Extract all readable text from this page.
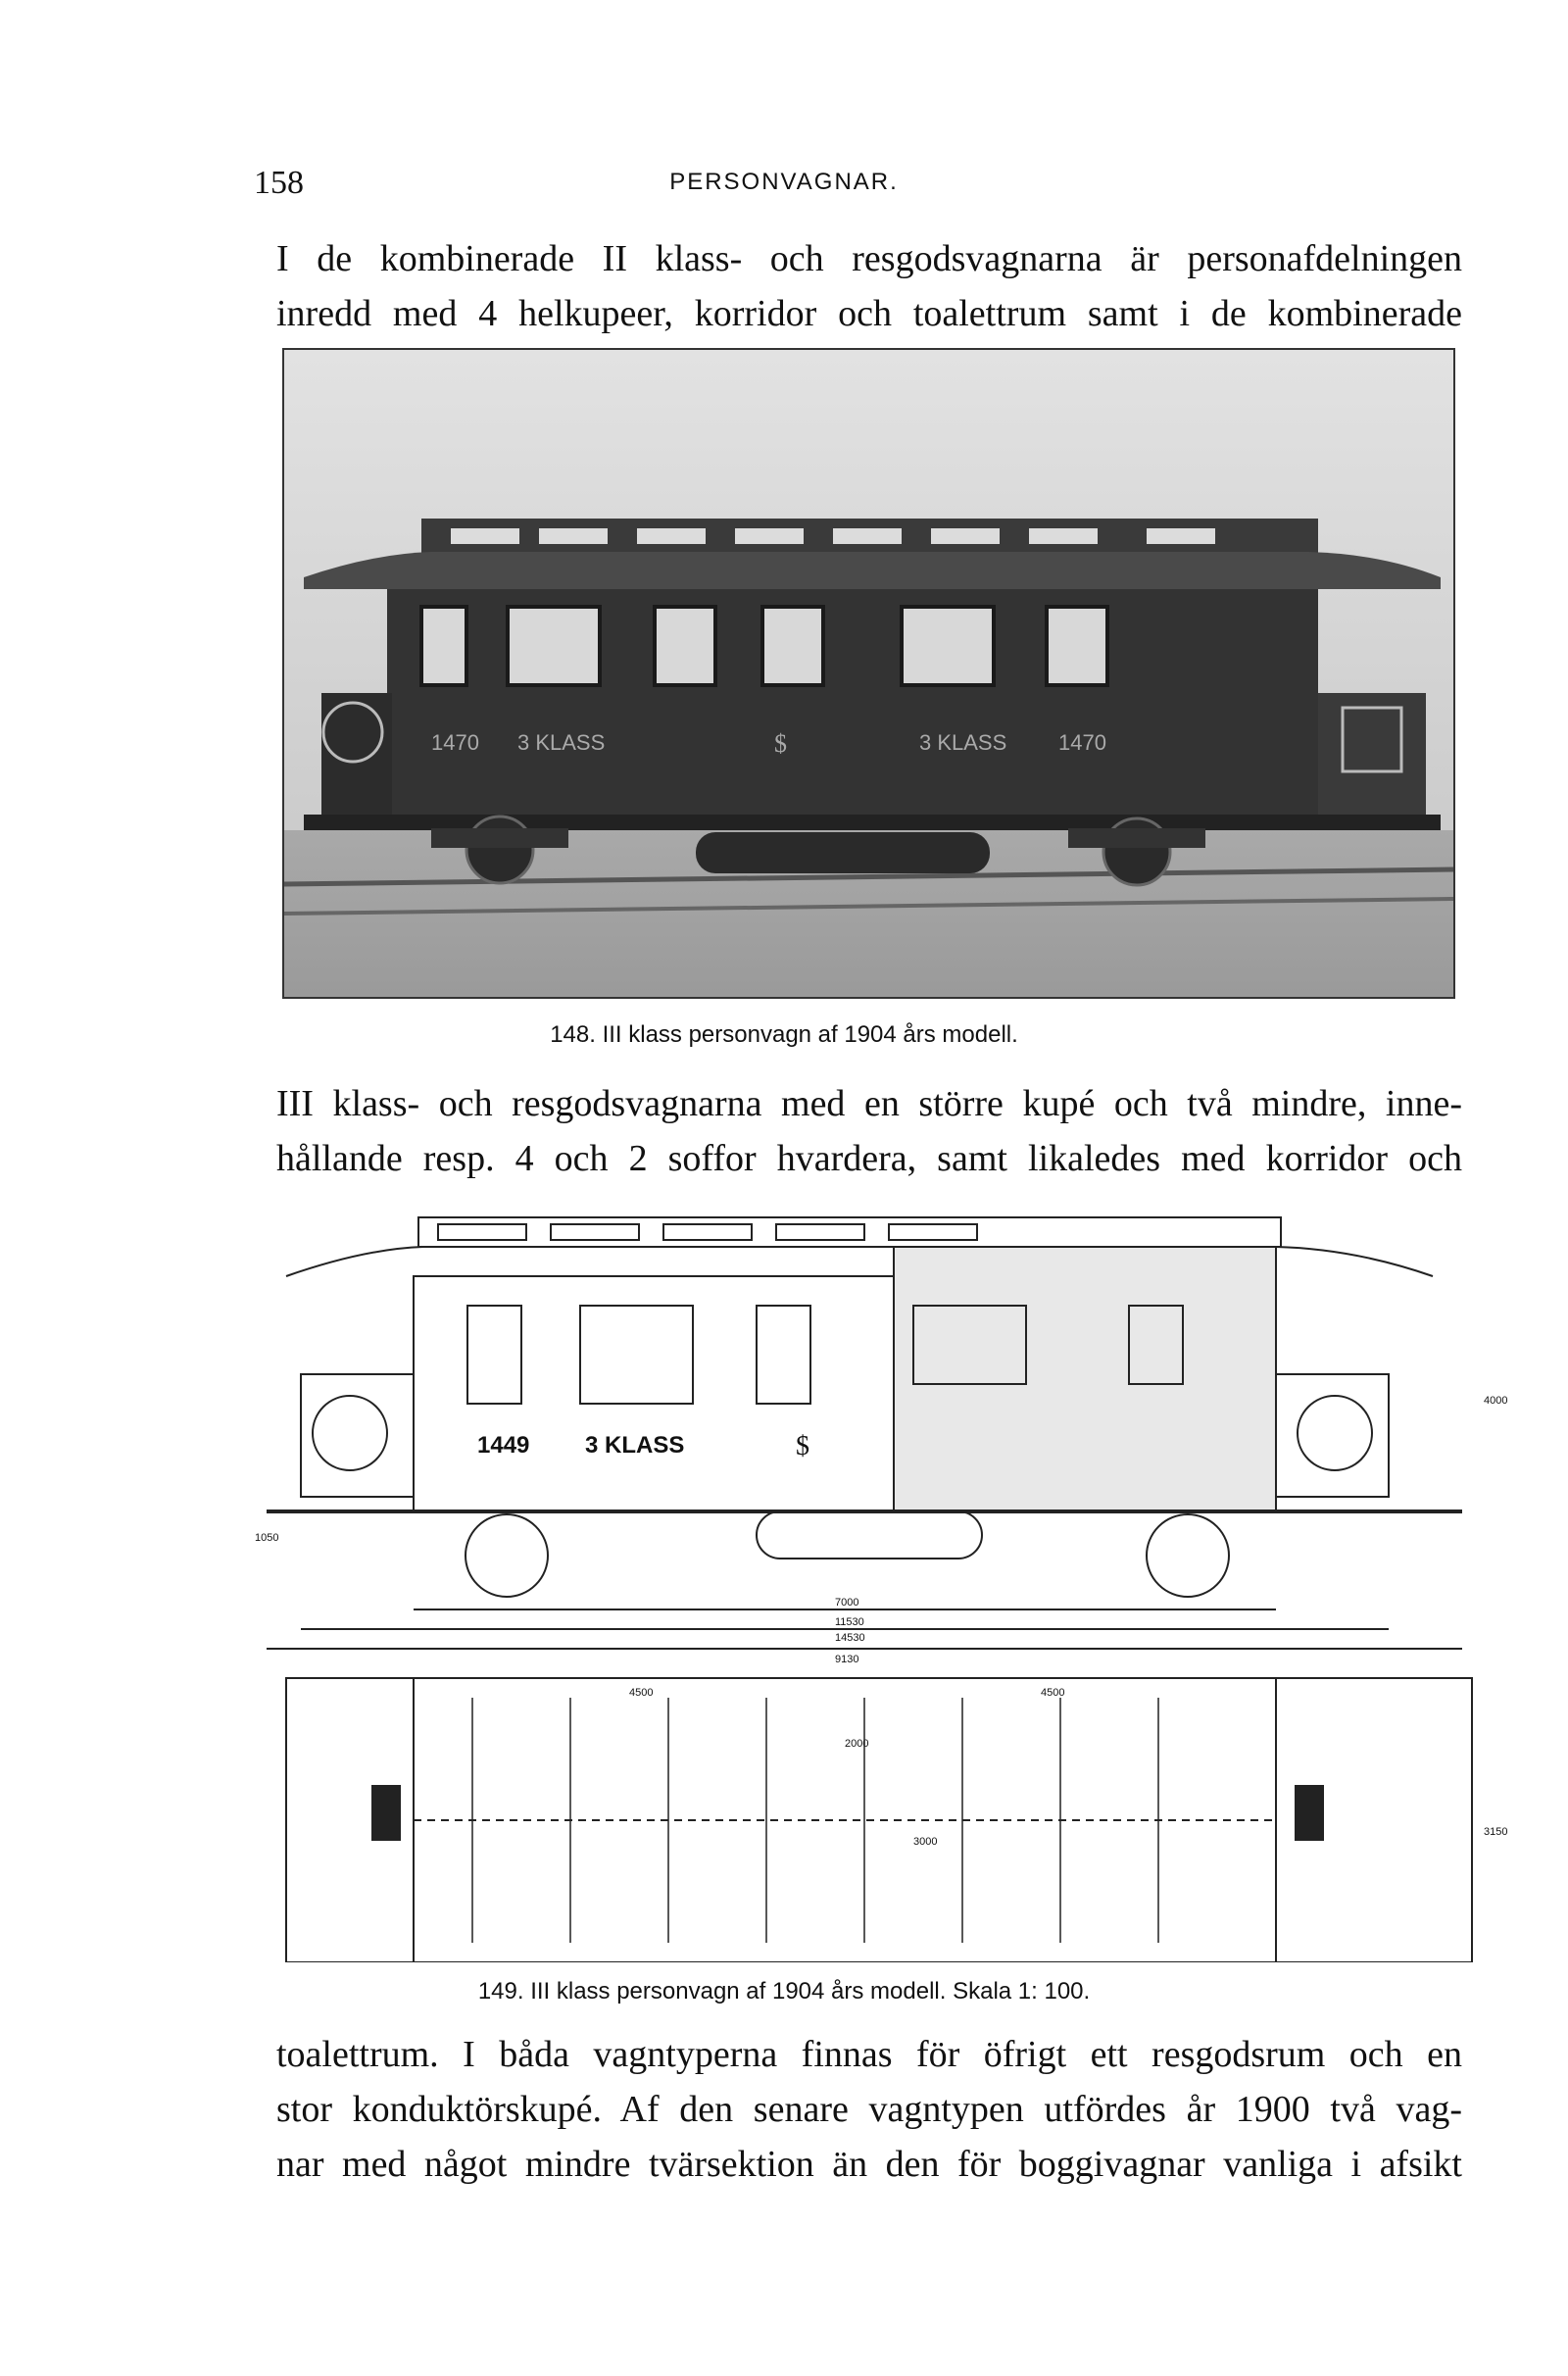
158	PERSONVAGNAR.
I de kombinerade II klass- och resgodsvagnarna är personafdelningen
inredd med 4 helkupeer, korridor och toalettrum samt i de kombinerade
1470 3 KLASS	$	3 KLASS 1470
148. III klass personvagn af 1904 års modell.
III klass- och resgodsvagnarna med en större kupé och två mindre, inne-
hållande resp. 4 och 2 soffor hvardera, samt likaledes med korridor och
1449 3 KLASS	$
7000
11530
14530
9130
4000
1050
3150
4500	4500
2000
3000
149. III klass personvagn af 1904 års modell. Skala 1: 100.
toalettrum. I båda vagntyperna finnas för öfrigt ett resgodsrum och en
stor konduktörskupé. Af den senare vagntypen utfördes år 1900 två vag-
nar med något mindre tvärsektion än den för boggivagnar vanliga i afsikt
